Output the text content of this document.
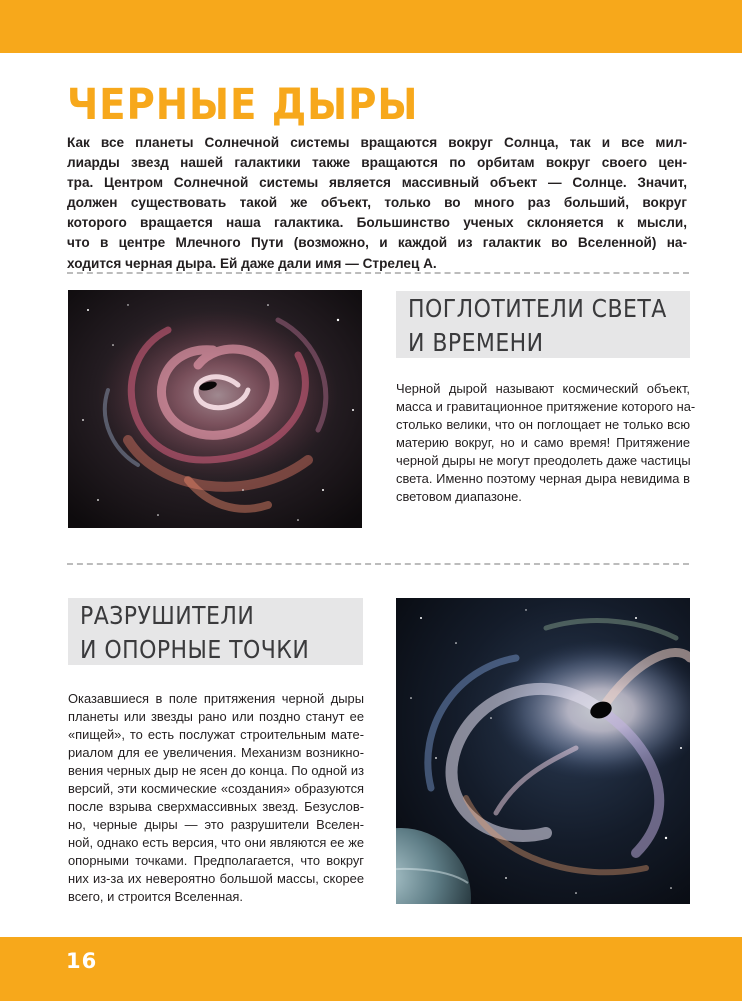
ЧЕРНЫЕ ДЫРЫ
Как все планеты Солнечной системы вращаются вокруг Солнца, так и все мил-
лиарды звезд нашей галактики также вращаются по орбитам вокруг своего цен-
тра. Центром Солнечной системы является массивный объект — Солнце. Значит,
должен существовать такой же объект, только во много раз больший, вокруг
которого вращается наша галактика. Большинство ученых склоняется к мысли,
что в центре Млечного Пути (возможно, и каждой из галактик во Вселенной) на-
ходится черная дыра. Ей даже дали имя — Стрелец А.
ПОГЛОТИТЕЛИ СВЕТА
И ВРЕМЕНИ
Черной дырой называют космический объект,
масса и гравитационное притяжение которого на-
столько велики, что он поглощает не только всю
материю вокруг, но и само время! Притяжение
черной дыры не могут преодолеть даже частицы
света. Именно поэтому черная дыра невидима в
световом диапазоне.
РАЗРУШИТЕЛИ
И ОПОРНЫЕ ТОЧКИ
Оказавшиеся в поле притяжения черной дыры
планеты или звезды рано или поздно станут ее
«пищей», то есть послужат строительным мате-
риалом для ее увеличения. Механизм возникно-
вения черных дыр не ясен до конца. По одной из
версий, эти космические «создания» образуются
после взрыва сверхмассивных звезд. Безуслов-
но, черные дыры — это разрушители Вселен-
ной, однако есть версия, что они являются ее же
опорными точками. Предполагается, что вокруг
них из-за их невероятно большой массы, скорее
всего, и строится Вселенная.
16
